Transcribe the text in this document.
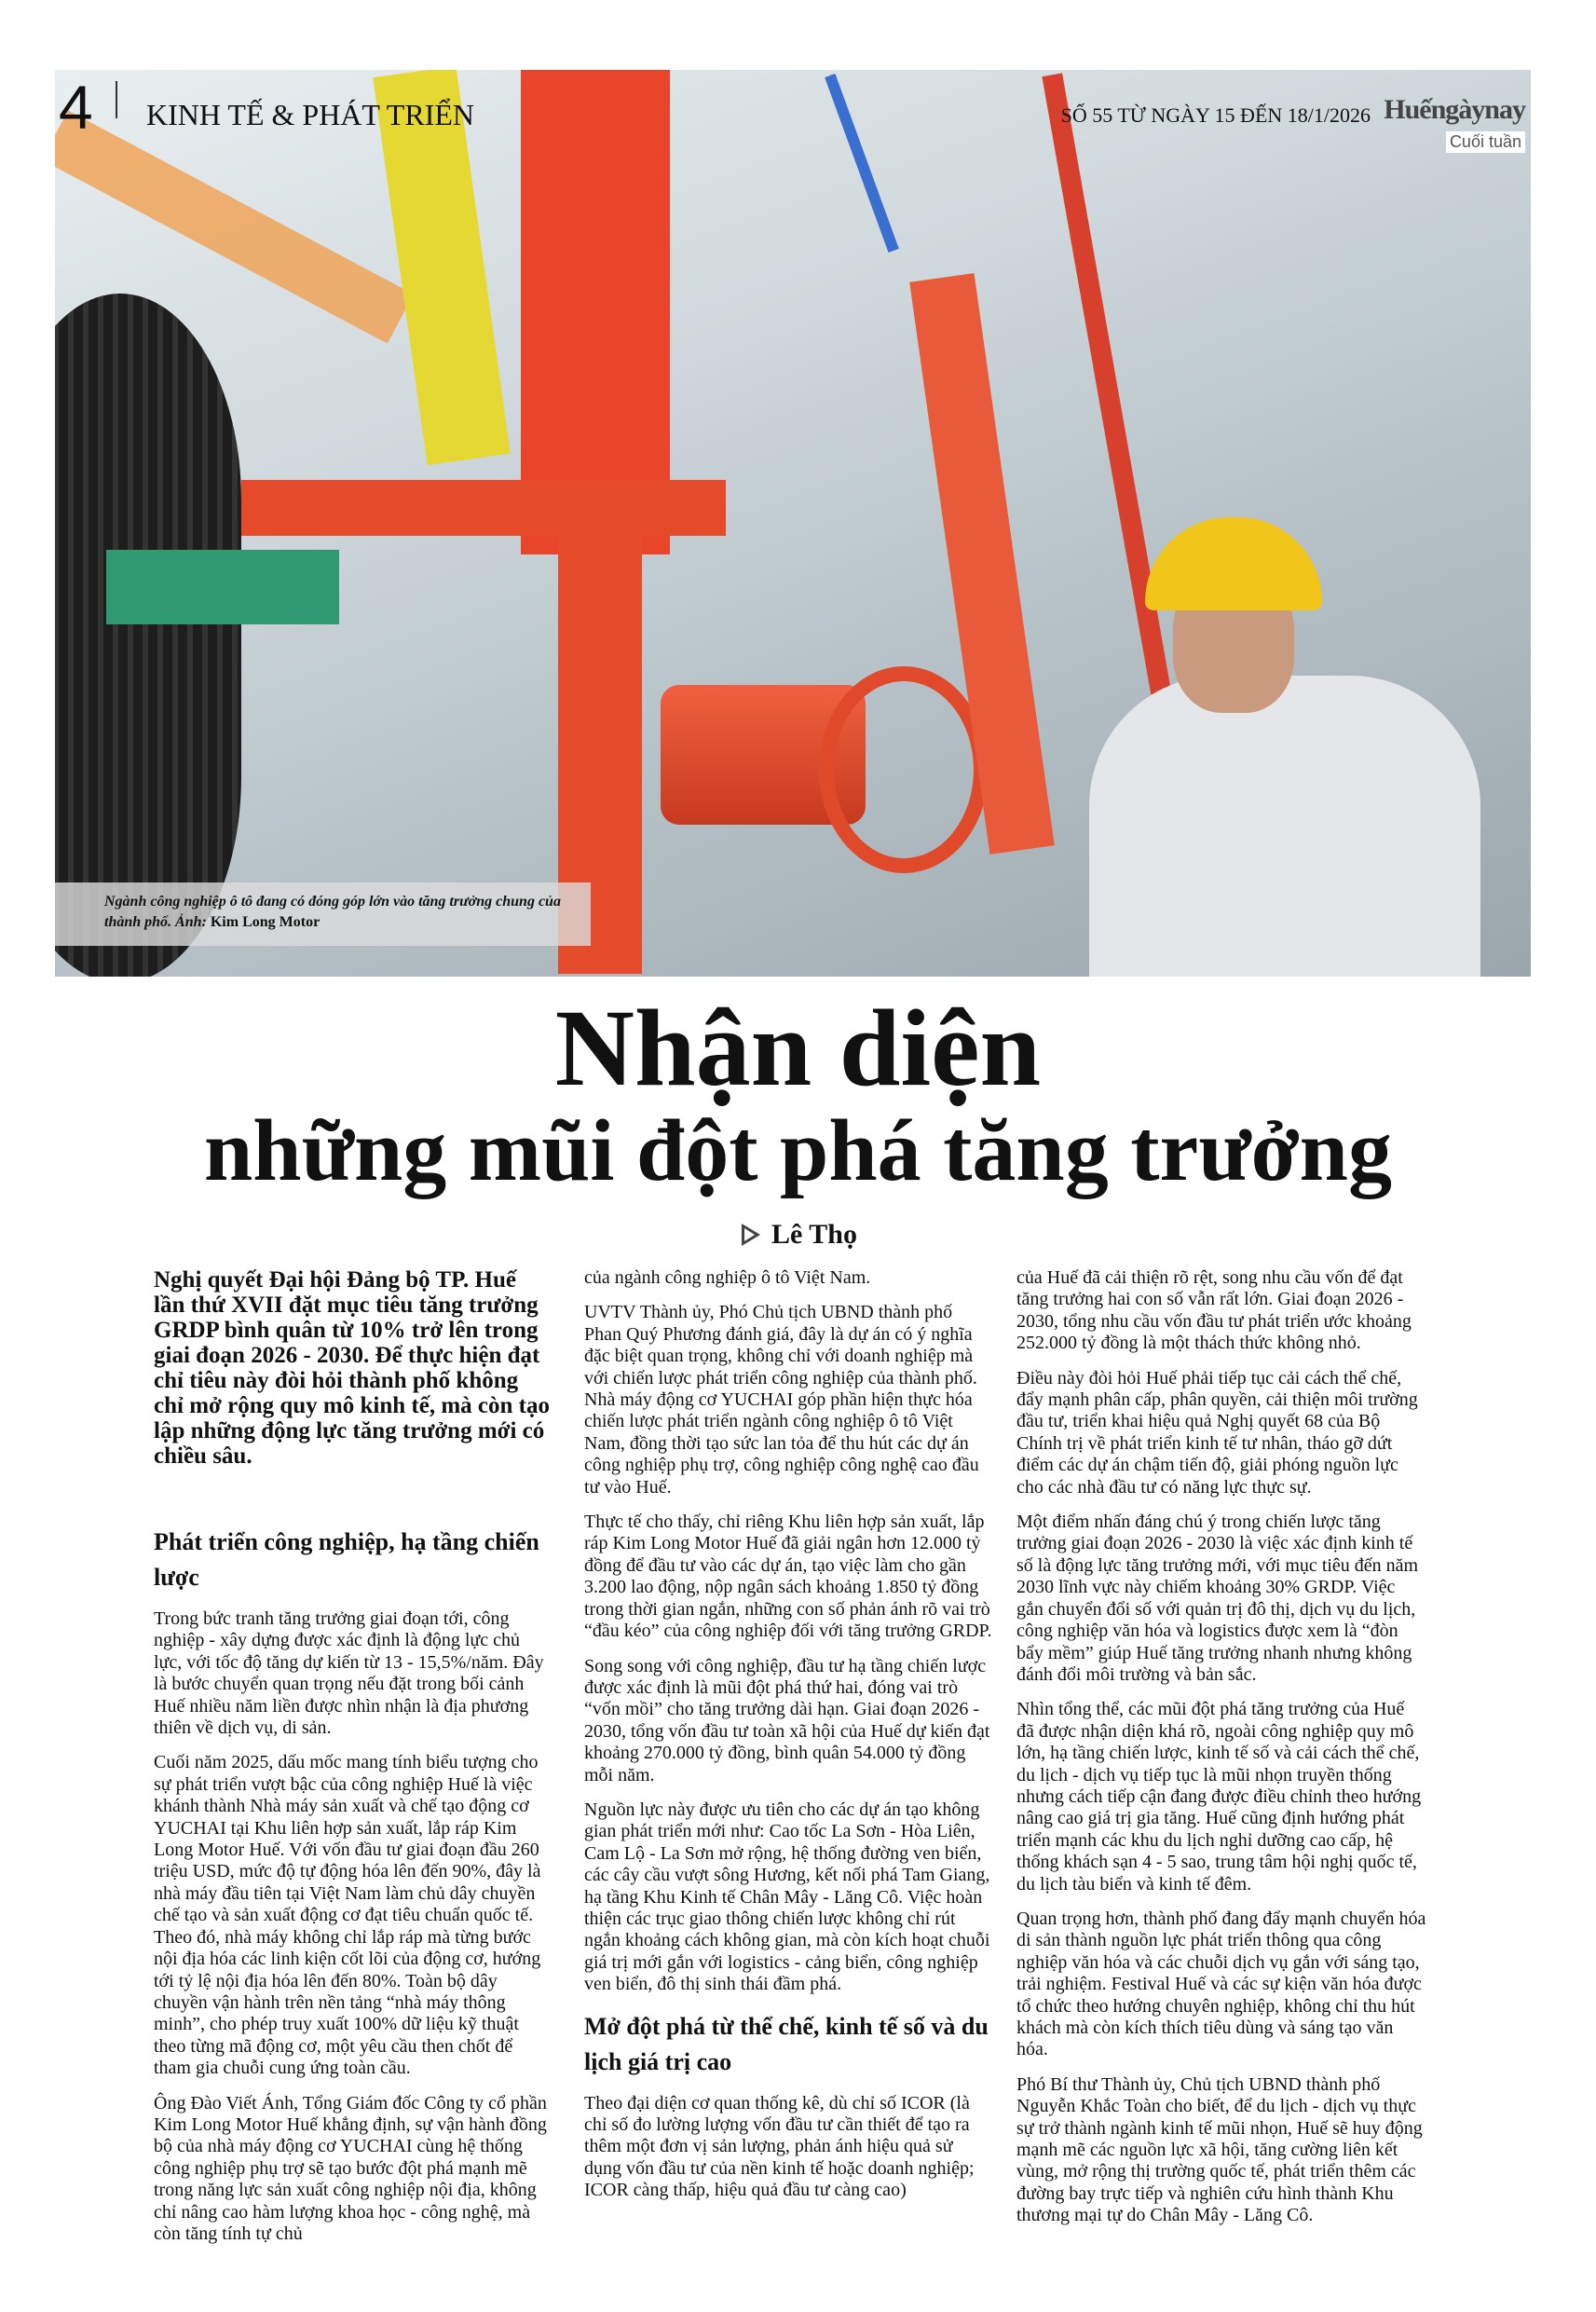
4 KINH TẾ & PHÁT TRIỂN	SỐ 55 TỪ NGÀY 15 ĐẾN 18/1/2026 Huếngàynay
Cuối tuần
Ngành công nghiệp ô tô đang có đóng góp lớn vào tăng trưởng chung của thành phố. Ảnh: Kim Long Motor
Nhận diện
những mũi đột phá tăng trưởng
Lê Thọ

Nghị quyết Đại hội Đảng bộ TP. Huế lần thứ XVII đặt mục tiêu tăng trưởng GRDP bình quân từ 10% trở lên trong giai đoạn 2026 - 2030. Để thực hiện đạt chỉ tiêu này đòi hỏi thành phố không chỉ mở rộng quy mô kinh tế, mà còn tạo lập những động lực tăng trưởng mới có chiều sâu.

Phát triển công nghiệp, hạ tầng chiến lược

Trong bức tranh tăng trưởng giai đoạn tới, công nghiệp - xây dựng được xác định là động lực chủ lực, với tốc độ tăng dự kiến từ 13 - 15,5%/năm. Đây là bước chuyển quan trọng nếu đặt trong bối cảnh Huế nhiều năm liền được nhìn nhận là địa phương thiên về dịch vụ, di sản.

Cuối năm 2025, dấu mốc mang tính biểu tượng cho sự phát triển vượt bậc của công nghiệp Huế là việc khánh thành Nhà máy sản xuất và chế tạo động cơ YUCHAI tại Khu liên hợp sản xuất, lắp ráp Kim Long Motor Huế. Với vốn đầu tư giai đoạn đầu 260 triệu USD, mức độ tự động hóa lên đến 90%, đây là nhà máy đầu tiên tại Việt Nam làm chủ dây chuyền chế tạo và sản xuất động cơ đạt tiêu chuẩn quốc tế. Theo đó, nhà máy không chỉ lắp ráp mà từng bước nội địa hóa các linh kiện cốt lõi của động cơ, hướng tới tỷ lệ nội địa hóa lên đến 80%. Toàn bộ dây chuyền vận hành trên nền tảng “nhà máy thông minh”, cho phép truy xuất 100% dữ liệu kỹ thuật theo từng mã động cơ, một yêu cầu then chốt để tham gia chuỗi cung ứng toàn cầu.

Ông Đào Viết Ánh, Tổng Giám đốc Công ty cổ phần Kim Long Motor Huế khẳng định, sự vận hành đồng bộ của nhà máy động cơ YUCHAI cùng hệ thống công nghiệp phụ trợ sẽ tạo bước đột phá mạnh mẽ trong năng lực sản xuất công nghiệp nội địa, không chỉ nâng cao hàm lượng khoa học - công nghệ, mà còn tăng tính tự chủ

của ngành công nghiệp ô tô Việt Nam.

UVTV Thành ủy, Phó Chủ tịch UBND thành phố Phan Quý Phương đánh giá, đây là dự án có ý nghĩa đặc biệt quan trọng, không chỉ với doanh nghiệp mà với chiến lược phát triển công nghiệp của thành phố. Nhà máy động cơ YUCHAI góp phần hiện thực hóa chiến lược phát triển ngành công nghiệp ô tô Việt Nam, đồng thời tạo sức lan tỏa để thu hút các dự án công nghiệp phụ trợ, công nghiệp công nghệ cao đầu tư vào Huế.

Thực tế cho thấy, chỉ riêng Khu liên hợp sản xuất, lắp ráp Kim Long Motor Huế đã giải ngân hơn 12.000 tỷ đồng để đầu tư vào các dự án, tạo việc làm cho gần 3.200 lao động, nộp ngân sách khoảng 1.850 tỷ đồng trong thời gian ngắn, những con số phản ánh rõ vai trò “đầu kéo” của công nghiệp đối với tăng trưởng GRDP.

Song song với công nghiệp, đầu tư hạ tầng chiến lược được xác định là mũi đột phá thứ hai, đóng vai trò “vốn mồi” cho tăng trưởng dài hạn. Giai đoạn 2026 - 2030, tổng vốn đầu tư toàn xã hội của Huế dự kiến đạt khoảng 270.000 tỷ đồng, bình quân 54.000 tỷ đồng mỗi năm.

Nguồn lực này được ưu tiên cho các dự án tạo không gian phát triển mới như: Cao tốc La Sơn - Hòa Liên, Cam Lộ - La Sơn mở rộng, hệ thống đường ven biển, các cây cầu vượt sông Hương, kết nối phá Tam Giang, hạ tầng Khu Kinh tế Chân Mây - Lăng Cô. Việc hoàn thiện các trục giao thông chiến lược không chỉ rút ngắn khoảng cách không gian, mà còn kích hoạt chuỗi giá trị mới gắn với logistics - cảng biển, công nghiệp ven biển, đô thị sinh thái đầm phá.

Mở đột phá từ thể chế, kinh tế số và du lịch giá trị cao

Theo đại diện cơ quan thống kê, dù chỉ số ICOR (là chỉ số đo lường lượng vốn đầu tư cần thiết để tạo ra thêm một đơn vị sản lượng, phản ánh hiệu quả sử dụng vốn đầu tư của nền kinh tế hoặc doanh nghiệp; ICOR càng thấp, hiệu quả đầu tư càng cao)

của Huế đã cải thiện rõ rệt, song nhu cầu vốn để đạt tăng trưởng hai con số vẫn rất lớn. Giai đoạn 2026 - 2030, tổng nhu cầu vốn đầu tư phát triển ước khoảng 252.000 tỷ đồng là một thách thức không nhỏ.

Điều này đòi hỏi Huế phải tiếp tục cải cách thể chế, đẩy mạnh phân cấp, phân quyền, cải thiện môi trường đầu tư, triển khai hiệu quả Nghị quyết 68 của Bộ Chính trị về phát triển kinh tế tư nhân, tháo gỡ dứt điểm các dự án chậm tiến độ, giải phóng nguồn lực cho các nhà đầu tư có năng lực thực sự.

Một điểm nhấn đáng chú ý trong chiến lược tăng trưởng giai đoạn 2026 - 2030 là việc xác định kinh tế số là động lực tăng trưởng mới, với mục tiêu đến năm 2030 lĩnh vực này chiếm khoảng 30% GRDP. Việc gắn chuyển đổi số với quản trị đô thị, dịch vụ du lịch, công nghiệp văn hóa và logistics được xem là “đòn bẩy mềm” giúp Huế tăng trưởng nhanh nhưng không đánh đổi môi trường và bản sắc.

Nhìn tổng thể, các mũi đột phá tăng trưởng của Huế đã được nhận diện khá rõ, ngoài công nghiệp quy mô lớn, hạ tầng chiến lược, kinh tế số và cải cách thể chế, du lịch - dịch vụ tiếp tục là mũi nhọn truyền thống nhưng cách tiếp cận đang được điều chỉnh theo hướng nâng cao giá trị gia tăng. Huế cũng định hướng phát triển mạnh các khu du lịch nghỉ dưỡng cao cấp, hệ thống khách sạn 4 - 5 sao, trung tâm hội nghị quốc tế, du lịch tàu biển và kinh tế đêm.

Quan trọng hơn, thành phố đang đẩy mạnh chuyển hóa di sản thành nguồn lực phát triển thông qua công nghiệp văn hóa và các chuỗi dịch vụ gắn với sáng tạo, trải nghiệm. Festival Huế và các sự kiện văn hóa được tổ chức theo hướng chuyên nghiệp, không chỉ thu hút khách mà còn kích thích tiêu dùng và sáng tạo văn hóa.

Phó Bí thư Thành ủy, Chủ tịch UBND thành phố Nguyễn Khắc Toàn cho biết, để du lịch - dịch vụ thực sự trở thành ngành kinh tế mũi nhọn, Huế sẽ huy động mạnh mẽ các nguồn lực xã hội, tăng cường liên kết vùng, mở rộng thị trường quốc tế, phát triển thêm các đường bay trực tiếp và nghiên cứu hình thành Khu thương mại tự do Chân Mây - Lăng Cô.
